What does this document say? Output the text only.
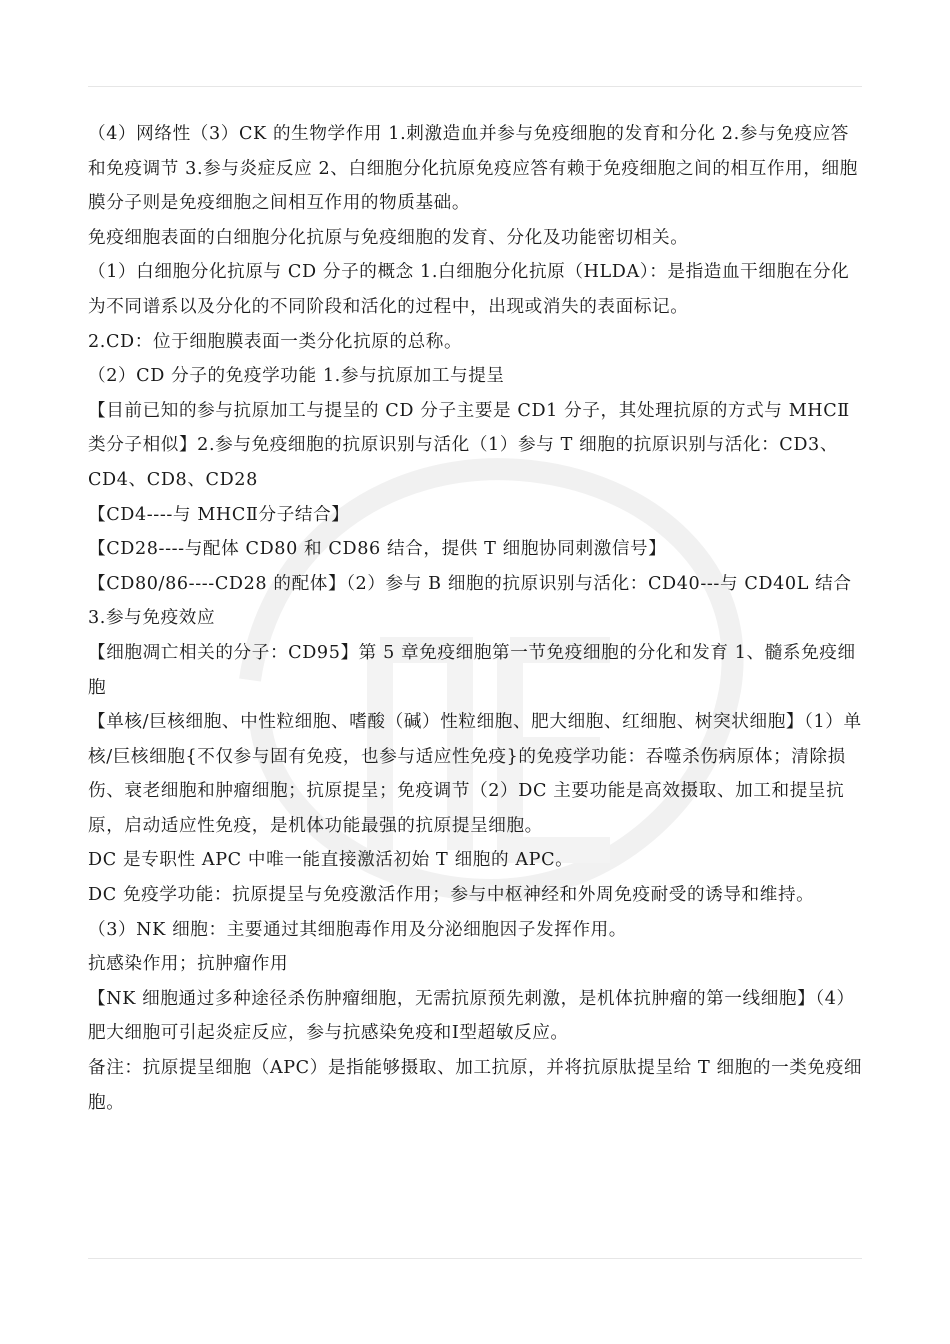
（4）网络性（3）CK 的生物学作用 1.刺激造血并参与免疫细胞的发育和分化 2.参与免疫应答和免疫调节 3.参与炎症反应 2、白细胞分化抗原免疫应答有赖于免疫细胞之间的相互作用，细胞膜分子则是免疫细胞之间相互作用的物质基础。

免疫细胞表面的白细胞分化抗原与免疫细胞的发育、分化及功能密切相关。

（1）白细胞分化抗原与 CD 分子的概念 1.白细胞分化抗原（HLDA）：是指造血干细胞在分化为不同谱系以及分化的不同阶段和活化的过程中，出现或消失的表面标记。

2.CD：位于细胞膜表面一类分化抗原的总称。

（2）CD 分子的免疫学功能 1.参与抗原加工与提呈

【目前已知的参与抗原加工与提呈的 CD 分子主要是 CD1 分子，其处理抗原的方式与 MHCⅡ类分子相似】2.参与免疫细胞的抗原识别与活化（1）参与 T 细胞的抗原识别与活化：CD3、CD4、CD8、CD28

【CD4----与 MHCⅡ分子结合】

【CD28----与配体 CD80 和 CD86 结合，提供 T 细胞协同刺激信号】

【CD80/86----CD28 的配体】（2）参与 B 细胞的抗原识别与活化：CD40---与 CD40L 结合 3.参与免疫效应

【细胞凋亡相关的分子：CD95】第 5 章免疫细胞第一节免疫细胞的分化和发育 1、髓系免疫细胞

【单核/巨核细胞、中性粒细胞、嗜酸（碱）性粒细胞、肥大细胞、红细胞、树突状细胞】（1）单核/巨核细胞{不仅参与固有免疫，也参与适应性免疫}的免疫学功能：吞噬杀伤病原体；清除损伤、衰老细胞和肿瘤细胞；抗原提呈；免疫调节（2）DC 主要功能是高效摄取、加工和提呈抗原，启动适应性免疫，是机体功能最强的抗原提呈细胞。

DC 是专职性 APC 中唯一能直接激活初始 T 细胞的 APC。

DC 免疫学功能：抗原提呈与免疫激活作用；参与中枢神经和外周免疫耐受的诱导和维持。

（3）NK 细胞：主要通过其细胞毒作用及分泌细胞因子发挥作用。

抗感染作用；抗肿瘤作用

【NK 细胞通过多种途径杀伤肿瘤细胞，无需抗原预先刺激，是机体抗肿瘤的第一线细胞】（4）肥大细胞可引起炎症反应，参与抗感染免疫和Ⅰ型超敏反应。

备注：抗原提呈细胞（APC）是指能够摄取、加工抗原，并将抗原肽提呈给 T 细胞的一类免疫细胞。
